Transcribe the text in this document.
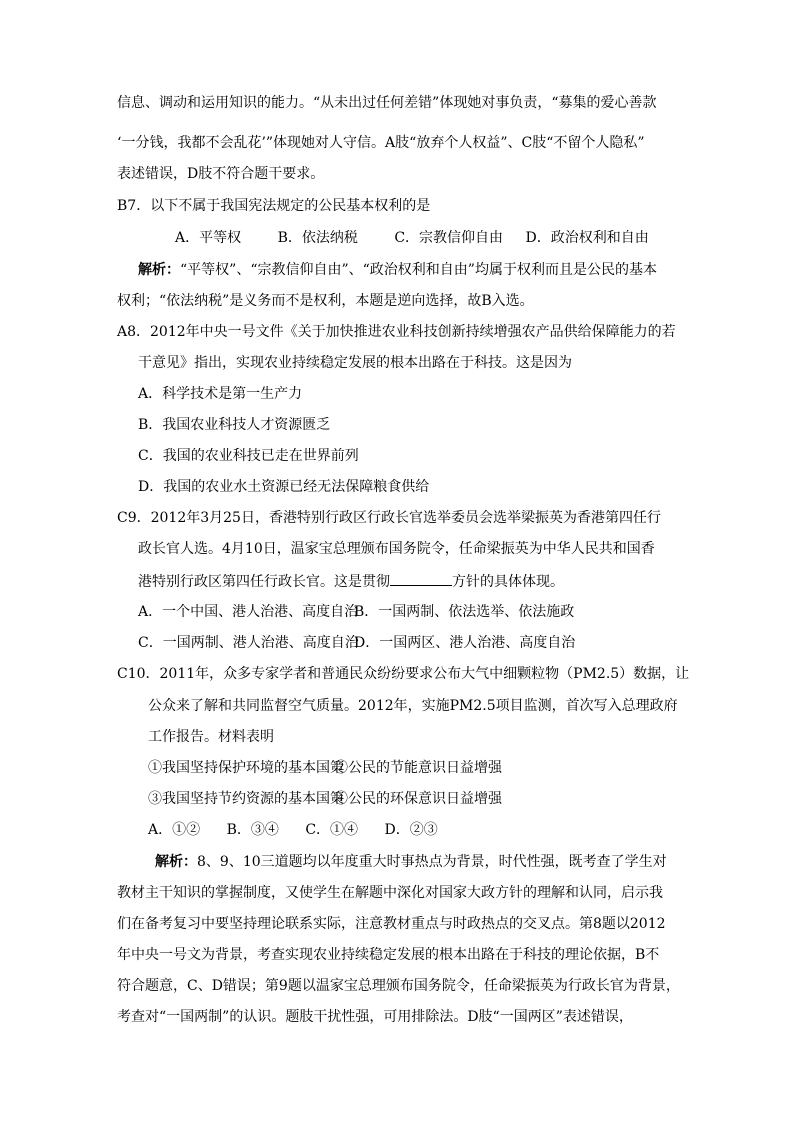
信息、调动和运用知识的能力。“从未出过任何差错”体现她对事负责，“募集的爱心善款
‘一分钱，我都不会乱花’”体现她对人守信。A肢“放弃个人权益”、C肢“不留个人隐私”
表述错误，D肢不符合题干要求。
B7．以下不属于我国宪法规定的公民基本权利的是
A．平等权	B．依法纳税	C．宗教信仰自由 D．政治权利和自由
解析：“平等权”、“宗教信仰自由”、“政治权利和自由”均属于权利而且是公民的基本
权利；“依法纳税”是义务而不是权利，本题是逆向选择，故B入选。
A8．2012年中央一号文件《关于加快推进农业科技创新持续增强农产品供给保障能力的若
干意见》指出，实现农业持续稳定发展的根本出路在于科技。这是因为
A．科学技术是第一生产力
B．我国农业科技人才资源匮乏
C．我国的农业科技已走在世界前列
D．我国的农业水土资源已经无法保障粮食供给
C9．2012年3月25日，香港特别行政区行政长官选举委员会选举梁振英为香港第四任行
政长官人选。4月10日，温家宝总理颁布国务院令，任命梁振英为中华人民共和国香
港特别行政区第四任行政长官。这是贯彻	方针的具体体现。
A．一个中国、港人治港、高度自治
B．一国两制、依法选举、依法施政
C．一国两制、港人治港、高度自治
D．一国两区、港人治港、高度自治
C10．2011年，众多专家学者和普通民众纷纷要求公布大气中细颗粒物（PM2.5）数据，让
公众来了解和共同监督空气质量。2012年，实施PM2.5项目监测，首次写入总理政府
工作报告。材料表明
①我国坚持保护环境的基本国策
②公民的节能意识日益增强
③我国坚持节约资源的基本国策
④公民的环保意识日益增强
A．①② B．③④ C．①④ D．②③
解析：8、9、10三道题均以年度重大时事热点为背景，时代性强，既考查了学生对
教材主干知识的掌握制度，又使学生在解题中深化对国家大政方针的理解和认同，启示我
们在备考复习中要坚持理论联系实际，注意教材重点与时政热点的交叉点。第8题以2012
年中央一号文为背景，考查实现农业持续稳定发展的根本出路在于科技的理论依据，B不
符合题意，C、D错误；第9题以温家宝总理颁布国务院令，任命梁振英为行政长官为背景，
考查对“一国两制”的认识。题肢干扰性强，可用排除法。D肢“一国两区”表述错误，
